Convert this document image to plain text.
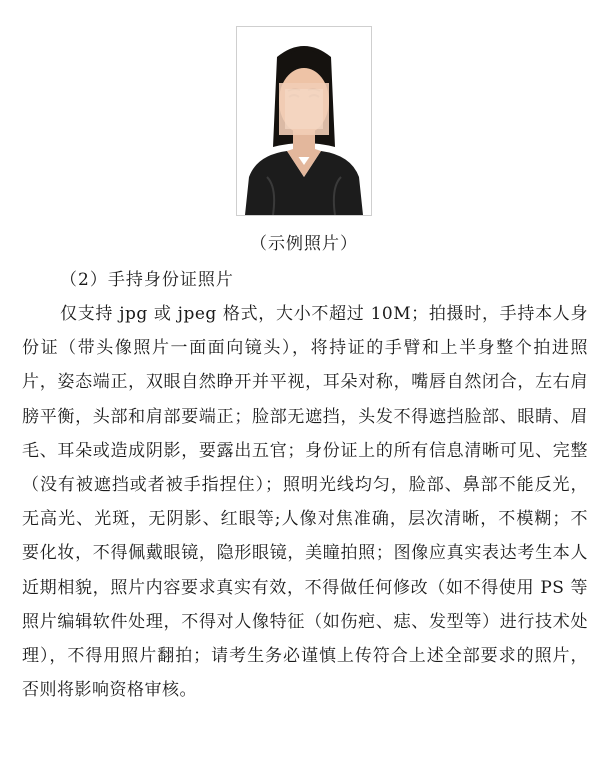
（示例照片）
（2）手持身份证照片

仅支持 jpg 或 jpeg 格式，大小不超过 10M；拍摄时，手持本人身份证（带头像照片一面面向镜头），将持证的手臂和上半身整个拍进照片，姿态端正，双眼自然睁开并平视，耳朵对称，嘴唇自然闭合，左右肩膀平衡，头部和肩部要端正；脸部无遮挡，头发不得遮挡脸部、眼睛、眉毛、耳朵或造成阴影，要露出五官；身份证上的所有信息清晰可见、完整（没有被遮挡或者被手指捏住）；照明光线均匀，脸部、鼻部不能反光，无高光、光斑，无阴影、红眼等;人像对焦准确，层次清晰，不模糊；不要化妆，不得佩戴眼镜，隐形眼镜，美瞳拍照；图像应真实表达考生本人近期相貌，照片内容要求真实有效，不得做任何修改（如不得使用 PS 等照片编辑软件处理，不得对人像特征（如伤疤、痣、发型等）进行技术处理），不得用照片翻拍；请考生务必谨慎上传符合上述全部要求的照片，否则将影响资格审核。
